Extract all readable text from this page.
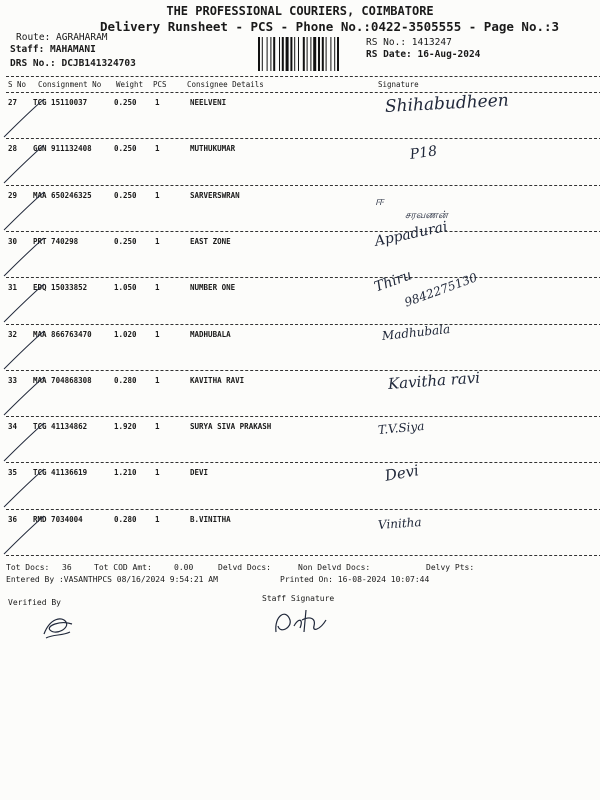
THE PROFESSIONAL COURIERS, COIMBATORE
Delivery Runsheet - PCS - Phone No.:0422-3505555 - Page No.:3
Route: AGRAHARAM
Staff: MAHAMANI
DRS No.: DCJB141324703
RS No.: 1413247
RS Date: 16-Aug-2024
S No Consignment No Weight PCS	Consignee Details	Signature
27 TCG 15110037	0.250 1	NEELVENI	Shihabudheen
28 GGN 911132408	0.250 1	MUTHUKUMAR	P18
29 MAA 650246325	0.250 1	SARVERSWRAN	ஈ
சரவணன்
30 PRT 740298	0.250 1	EAST ZONE	Appadurai
31 EDQ 15033852	1.050 1	NUMBER ONE	Thiru
9842275130
32 MAA 866763470	1.020 1	MADHUBALA	Madhubala
33 MAA 704868308	0.280 1	KAVITHA RAVI	Kavitha ravi
34 TCG 41134862	1.920 1	SURYA SIVA PRAKASH	T.V.Siya
35 TCG 41136619	1.210 1	DEVI	Devi
36 RMD 7034004	0.280 1	B.VINITHA	Vinitha
Tot Docs: 36	Tot COD Amt:	0.00	Delvd Docs:	Non Delvd Docs:	Delvy Pts:
Entered By :VASANTHPCS 08/16/2024 9:54:21 AM	Printed On: 16-08-2024 10:07:44
Verified By	Staff Signature
